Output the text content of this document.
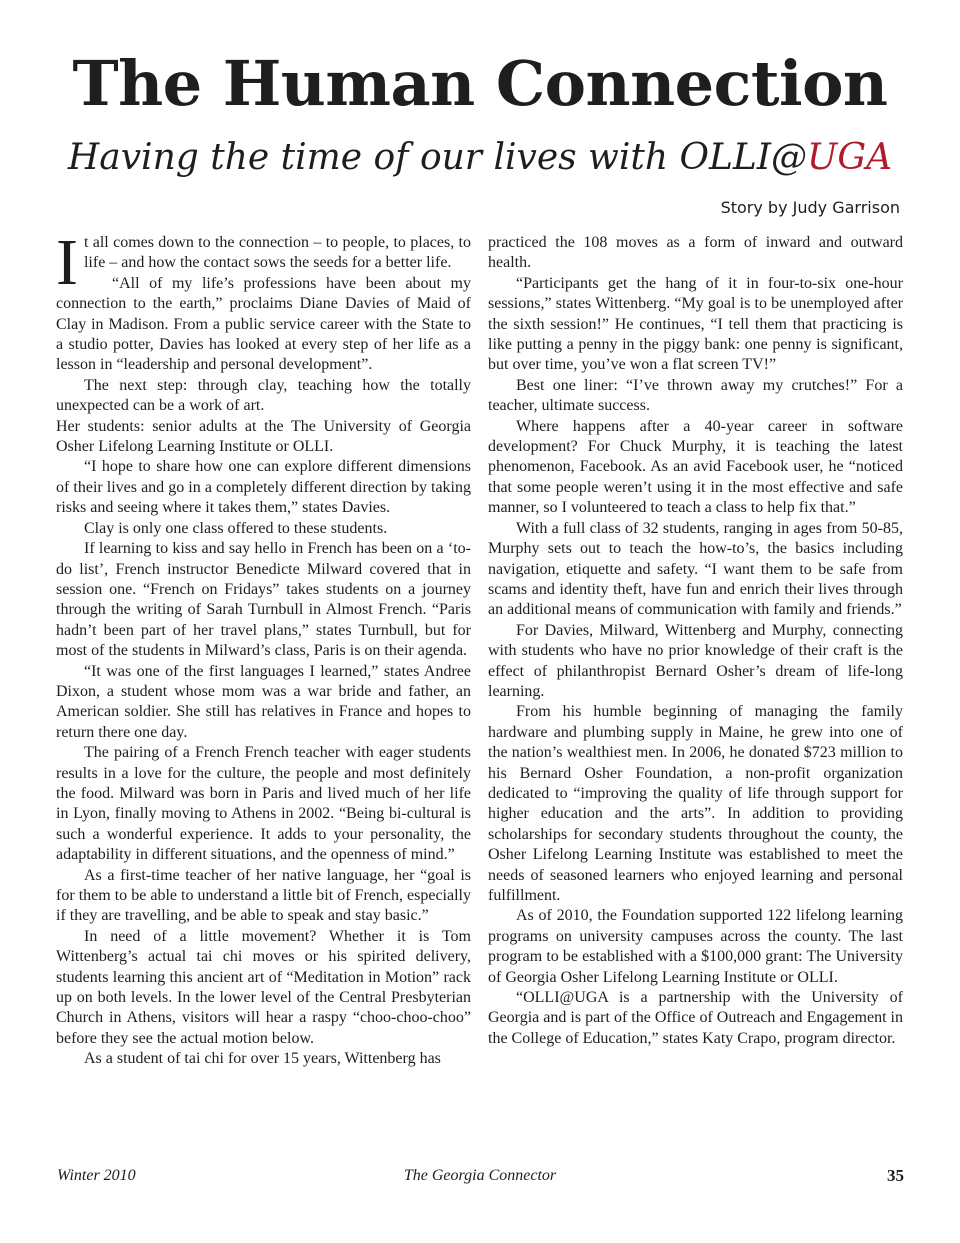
The Human Connection
Having the time of our lives with OLLI@UGA
Story by Judy Garrison

It all comes down to the connection – to people, to places, to life – and how the contact sows the seeds for a better life.

“All of my life’s professions have been about my connection to the earth,” proclaims Diane Davies of Maid of Clay in Madison. From a public service career with the State to a studio potter, Davies has looked at every step of her life as a lesson in “leadership and personal development”.

The next step: through clay, teaching how the totally unexpected can be a work of art.

Her students: senior adults at the The University of Georgia Osher Lifelong Learning Institute or OLLI.

“I hope to share how one can explore different dimensions of their lives and go in a completely different direction by taking risks and seeing where it takes them,” states Davies.

Clay is only one class offered to these students.

If learning to kiss and say hello in French has been on a ‘to-do list’, French instructor Benedicte Milward covered that in session one. “French on Fridays” takes students on a journey through the writing of Sarah Turnbull in Almost French. “Paris hadn’t been part of her travel plans,” states Turnbull, but for most of the students in Milward’s class, Paris is on their agenda.

“It was one of the first languages I learned,” states Andree Dixon, a student whose mom was a war bride and father, an American soldier. She still has relatives in France and hopes to return there one day.

The pairing of a French French teacher with eager students results in a love for the culture, the people and most definitely the food. Milward was born in Paris and lived much of her life in Lyon, finally moving to Athens in 2002. “Being bi-cultural is such a wonderful experience. It adds to your personality, the adaptability in different situations, and the openness of mind.”

As a first-time teacher of her native language, her “goal is for them to be able to understand a little bit of French, especially if they are travelling, and be able to speak and stay basic.”

In need of a little movement? Whether it is Tom Wittenberg’s actual tai chi moves or his spirited delivery, students learning this ancient art of “Meditation in Motion” rack up on both levels. In the lower level of the Central Presbyterian Church in Athens, visitors will hear a raspy “choo-choo-choo” before they see the actual motion below.

As a student of tai chi for over 15 years, Wittenberg has

practiced the 108 moves as a form of inward and outward health.

“Participants get the hang of it in four-to-six one-hour sessions,” states Wittenberg. “My goal is to be unemployed after the sixth session!” He continues, “I tell them that practicing is like putting a penny in the piggy bank: one penny is significant, but over time, you’ve won a flat screen TV!”

Best one liner: “I’ve thrown away my crutches!” For a teacher, ultimate success.

Where happens after a 40-year career in software development? For Chuck Murphy, it is teaching the latest phenomenon, Facebook. As an avid Facebook user, he “noticed that some people weren’t using it in the most effective and safe manner, so I volunteered to teach a class to help fix that.”

With a full class of 32 students, ranging in ages from 50-85, Murphy sets out to teach the how-to’s, the basics including navigation, etiquette and safety. “I want them to be safe from scams and identity theft, have fun and enrich their lives through an additional means of communication with family and friends.”

For Davies, Milward, Wittenberg and Murphy, connecting with students who have no prior knowledge of their craft is the effect of philanthropist Bernard Osher’s dream of life-long learning.

From his humble beginning of managing the family hardware and plumbing supply in Maine, he grew into one of the nation’s wealthiest men. In 2006, he donated $723 million to his Bernard Osher Foundation, a non-profit organization dedicated to “improving the quality of life through support for higher education and the arts”. In addition to providing scholarships for secondary students throughout the county, the Osher Lifelong Learning Institute was established to meet the needs of seasoned learners who enjoyed learning and personal fulfillment.

As of 2010, the Foundation supported 122 lifelong learning programs on university campuses across the county. The last program to be established with a $100,000 grant: The University of Georgia Osher Lifelong Learning Institute or OLLI.

“OLLI@UGA is a partnership with the University of Georgia and is part of the Office of Outreach and Engagement in the College of Education,” states Katy Crapo, program director.

Winter 2010	The Georgia Connector	35
